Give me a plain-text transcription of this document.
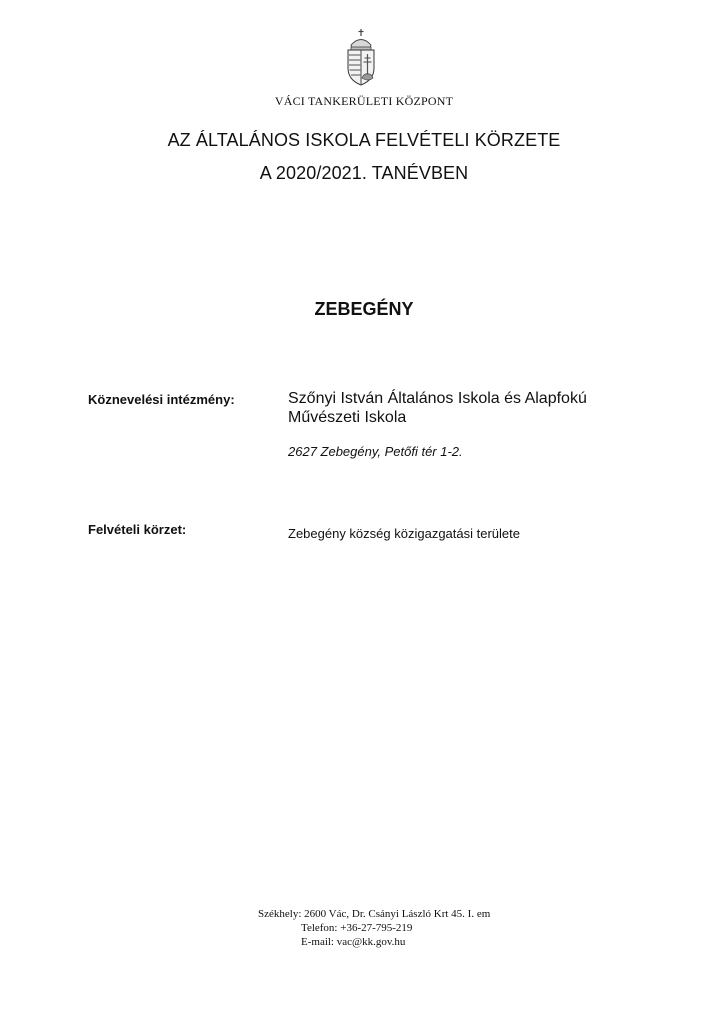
VÁCI TANKERÜLETI KÖZPONT
AZ ÁLTALÁNOS ISKOLA FELVÉTELI KÖRZETE
A 2020/2021. TANÉVBEN
ZEBEGÉNY
Köznevelési intézmény:	Szőnyi István Általános Iskola és Alapfokú
Művészeti Iskola
2627 Zebegény, Petőfi tér 1-2.
Felvételi körzet:	Zebegény község közigazgatási területe
Székhely: 2600 Vác, Dr. Csányi László Krt 45. I. em
Telefon: +36-27-795-219
E-mail: vac@kk.gov.hu
